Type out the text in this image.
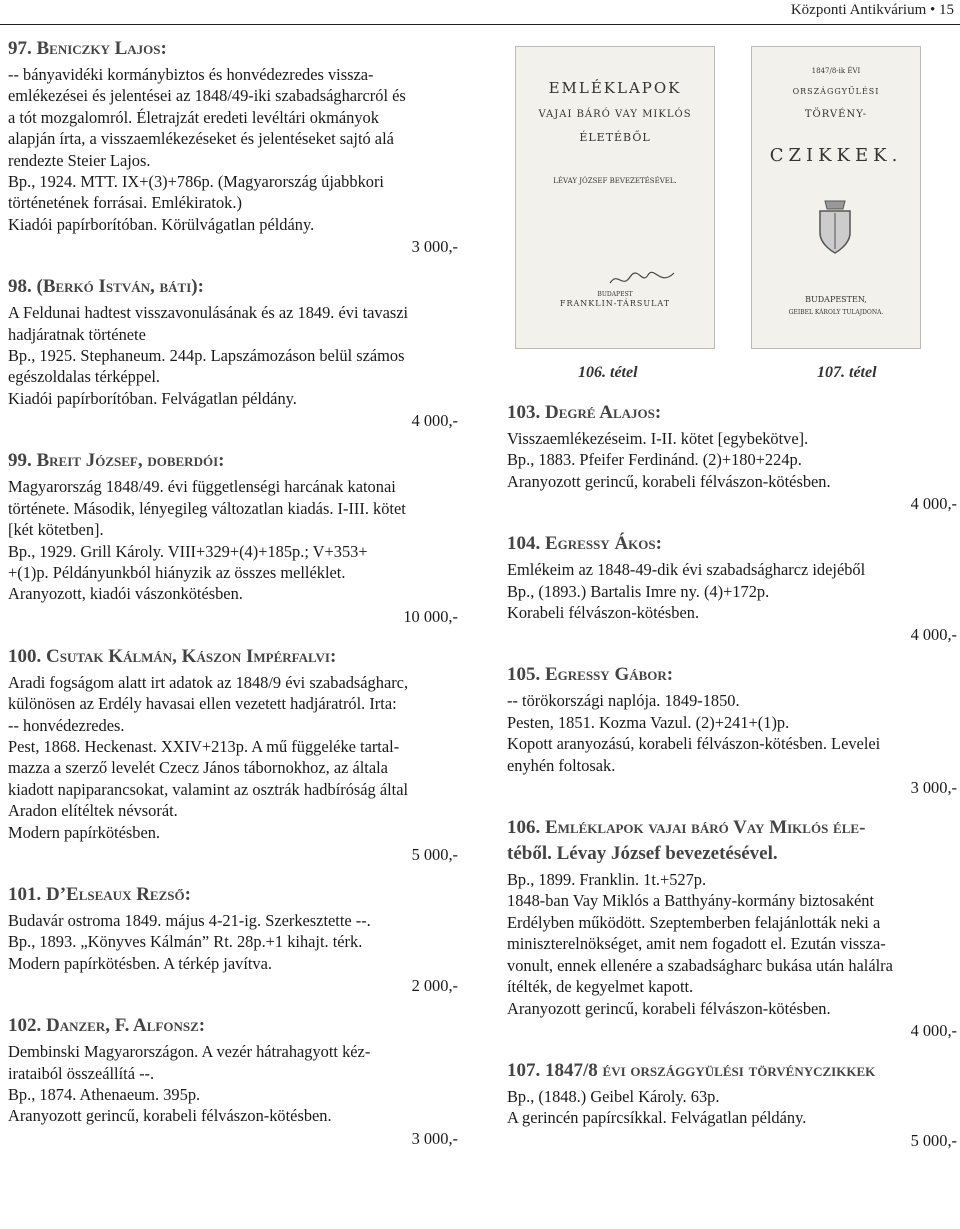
Központi Antikvárium • 15
97. Beniczky Lajos:
-- bányavidéki kormánybiztos és honvédezredes vissza-
emlékezései és jelentései az 1848/49-iki szabadságharcról és
a tót mozgalomról. Életrajzát eredeti levéltári okmányok
alapján írta, a visszaemlékezéseket és jelentéseket sajtó alá
rendezte Steier Lajos.
Bp., 1924. MTT. IX+(3)+786p. (Magyarország újabbkori
történetének forrásai. Emlékiratok.)
Kiadói papírborítóban. Körülvágatlan példány.
3 000,-
98. (Berkó István, báti):
A Feldunai hadtest visszavonulásának és az 1849. évi tavaszi
hadjáratnak története
Bp., 1925. Stephaneum. 244p. Lapszámozáson belül számos
egészoldalas térképpel.
Kiadói papírborítóban. Felvágatlan példány.
4 000,-
99. Breit József, doberdói:
Magyarország 1848/49. évi függetlenségi harcának katonai
története. Második, lényegileg változatlan kiadás. I-III. kötet
[két kötetben].
Bp., 1929. Grill Károly. VIII+329+(4)+185p.; V+353+
+(1)p. Példányunkból hiányzik az összes melléklet.
Aranyozott, kiadói vászonkötésben.
10 000,-
100. Csutak Kálmán, Kászon Impérfalvi:
Aradi fogságom alatt irt adatok az 1848/9 évi szabadságharc,
különösen az Erdély havasai ellen vezetett hadjáratról. Irta:
-- honvédezredes.
Pest, 1868. Heckenast. XXIV+213p. A mű függeléke tartal-
mazza a szerző levelét Czecz János tábornokhoz, az általa
kiadott napiparancsokat, valamint az osztrák hadbíróság által
Aradon elítéltek névsorát.
Modern papírkötésben.
5 000,-
101. D’Elseaux Rezső:
Budavár ostroma 1849. május 4-21-ig. Szerkesztette --.
Bp., 1893. „Könyves Kálmán” Rt. 28p.+1 kihajt. térk.
Modern papírkötésben. A térkép javítva.
2 000,-
102. Danzer, F. Alfonsz:
Dembinski Magyarországon. A vezér hátrahagyott kéz-
irataiból összeállítá --.
Bp., 1874. Athenaeum. 395p.
Aranyozott gerincű, korabeli félvászon-kötésben.
3 000,-
EMLÉKLAPOK
VAJAI BÁRÓ VAY MIKLÓS
ÉLETÉBŐL
LÉVAY JÓZSEF BEVEZETÉSÉVEL.
BUDAPEST
FRANKLIN-TÁRSULAT
1847/8-ik ÉVI
ORSZÁGGYŰLÉSI
TÖRVÉNY-
CZIKKEK.
BUDAPESTEN,
GEIBEL KÁROLY TULAJDONA.
106. tétel	107. tétel
103. Degré Alajos:
Visszaemlékezéseim. I-II. kötet [egybekötve].
Bp., 1883. Pfeifer Ferdinánd. (2)+180+224p.
Aranyozott gerincű, korabeli félvászon-kötésben.
4 000,-
104. Egressy Ákos:
Emlékeim az 1848-49-dik évi szabadságharcz idejéből
Bp., (1893.) Bartalis Imre ny. (4)+172p.
Korabeli félvászon-kötésben.
4 000,-
105. Egressy Gábor:
-- törökországi naplója. 1849-1850.
Pesten, 1851. Kozma Vazul. (2)+241+(1)p.
Kopott aranyozású, korabeli félvászon-kötésben. Levelei
enyhén foltosak.
3 000,-
106. Emléklapok vajai báró Vay Miklós éle-
téből. Lévay József bevezetésével.
Bp., 1899. Franklin. 1t.+527p.
1848-ban Vay Miklós a Batthyány-kormány biztosaként
Erdélyben működött. Szeptemberben felajánlották neki a
miniszterelnökséget, amit nem fogadott el. Ezután vissza-
vonult, ennek ellenére a szabadságharc bukása után halálra
ítélték, de kegyelmet kapott.
Aranyozott gerincű, korabeli félvászon-kötésben.
4 000,-
107. 1847/8 évi országgyülési törvényczikkek
Bp., (1848.) Geibel Károly. 63p.
A gerincén papírcsíkkal. Felvágatlan példány.
5 000,-
